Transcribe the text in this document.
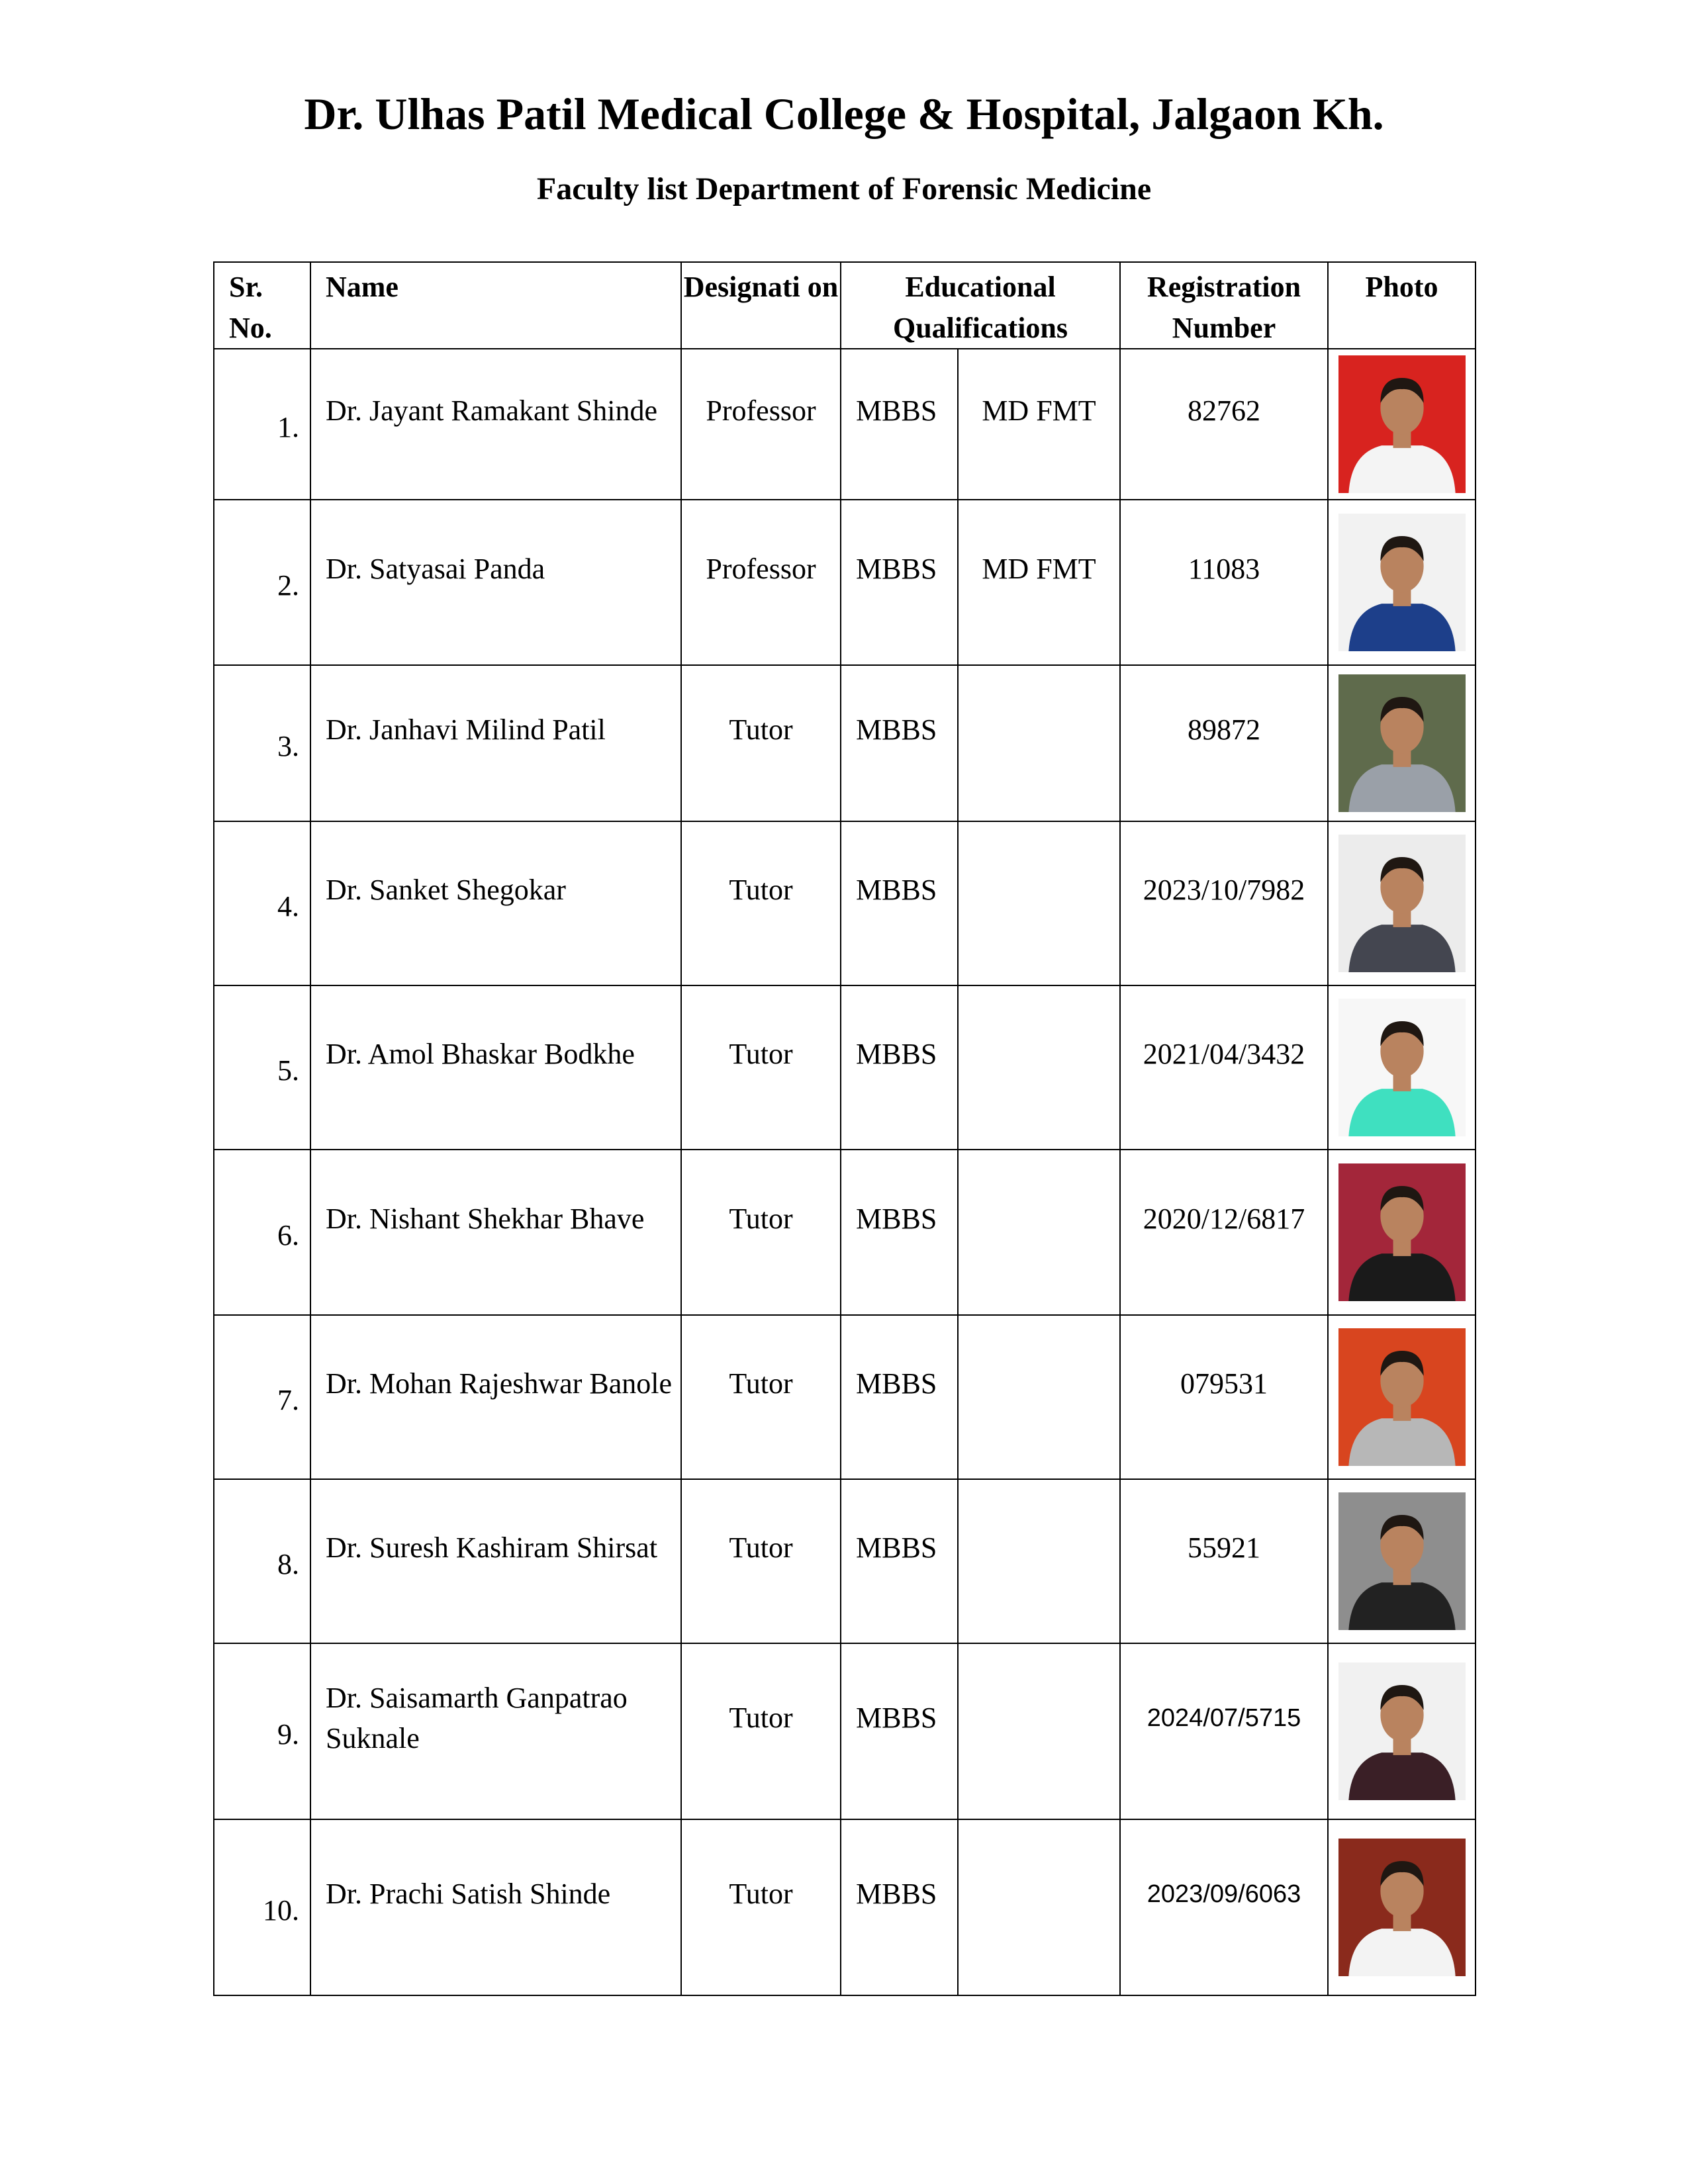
Dr. Ulhas Patil Medical College & Hospital, Jalgaon Kh.
Faculty list Department of Forensic Medicine
Sr. No.	Name	Designati on	Educational Qualifications		Registration Number	Photo
1.	Dr. Jayant Ramakant Shinde	Professor	MBBS	MD FMT	82762	

2.	Dr. Satyasai Panda	Professor	MBBS	MD FMT	11083	

3.	Dr. Janhavi Milind Patil	Tutor	MBBS		89872	

4.	Dr. Sanket Shegokar	Tutor	MBBS		2023/10/7982	

5.	Dr. Amol Bhaskar Bodkhe	Tutor	MBBS		2021/04/3432	

6.	Dr. Nishant Shekhar Bhave	Tutor	MBBS		2020/12/6817	

7.	Dr. Mohan Rajeshwar Banole	Tutor	MBBS		079531	

8.	Dr. Suresh Kashiram Shirsat	Tutor	MBBS		55921	

9.	Dr. Saisamarth Ganpatrao Suknale	Tutor	MBBS		2024/07/5715	

10.	Dr. Prachi Satish Shinde	Tutor	MBBS		2023/09/6063	
